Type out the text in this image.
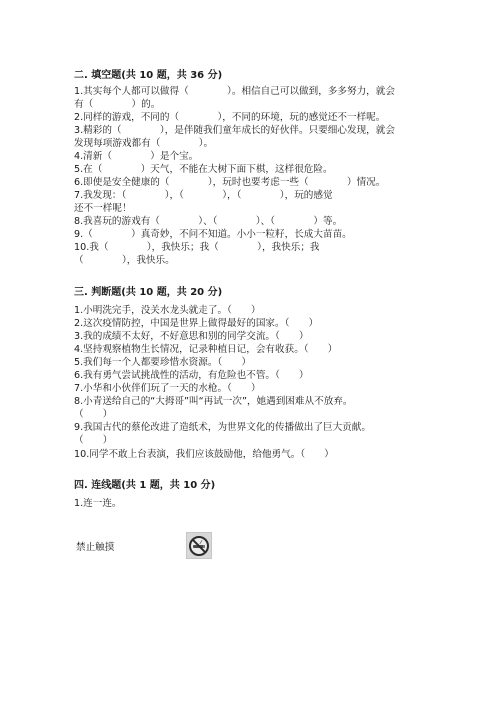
二. 填空题(共 10 题，共 36 分)
1.其实每个人都可以做得（　　　　）。相信自己可以做到，多多努力，就会
有（　　　　）的。
2.同样的游戏，不同的（　　　　），不同的环境，玩的感觉还不一样呢。
3.精彩的（　　　　），是伴随我们童年成长的好伙伴。只要细心发现，就会
发现每项游戏都有（　　　　）。
4.清新（　　　　）是个宝。
5.在（　　　　）天气，不能在大树下面下棋，这样很危险。
6.即使是安全健康的（　　　　），玩时也要考虑一些（　　　　）情况。
7.我发现：（　　　　），（　　　　），（　　　　），玩的感觉
还不一样呢！
8.我喜玩的游戏有（　　　　）、（　　　　）、（　　　　）等。
9.（　　　　）真奇妙，不问不知道。小小一粒籽，长成大苗苗。
10.我（　　　　），我快乐；我（　　　　），我快乐；我
（　　　　），我快乐。
三. 判断题(共 10 题，共 20 分)
1.小明洗完手，没关水龙头就走了。（　　）
2.这次疫情防控，中国是世界上做得最好的国家。（　　）
3.我的成绩不太好，不好意思和别的同学交流。（　　）
4.坚持观察植物生长情况，记录种植日记，会有收获。（　　）
5.我们每一个人都要珍惜水资源。（　　）
6.我有勇气尝试挑战性的活动，有危险也不管。（　　）
7.小华和小伙伴们玩了一天的水枪。（　　）
8.小青送给自己的“大拇哥”叫“再试一次”，她遇到困难从不放弃。
（　　）
9.我国古代的蔡伦改进了造纸术，为世界文化的传播做出了巨大贡献。
（　　）
10.同学不敢上台表演，我们应该鼓励他，给他勇气。（　　）
四. 连线题(共 1 题，共 10 分)
1.连一连。
禁止触摸
